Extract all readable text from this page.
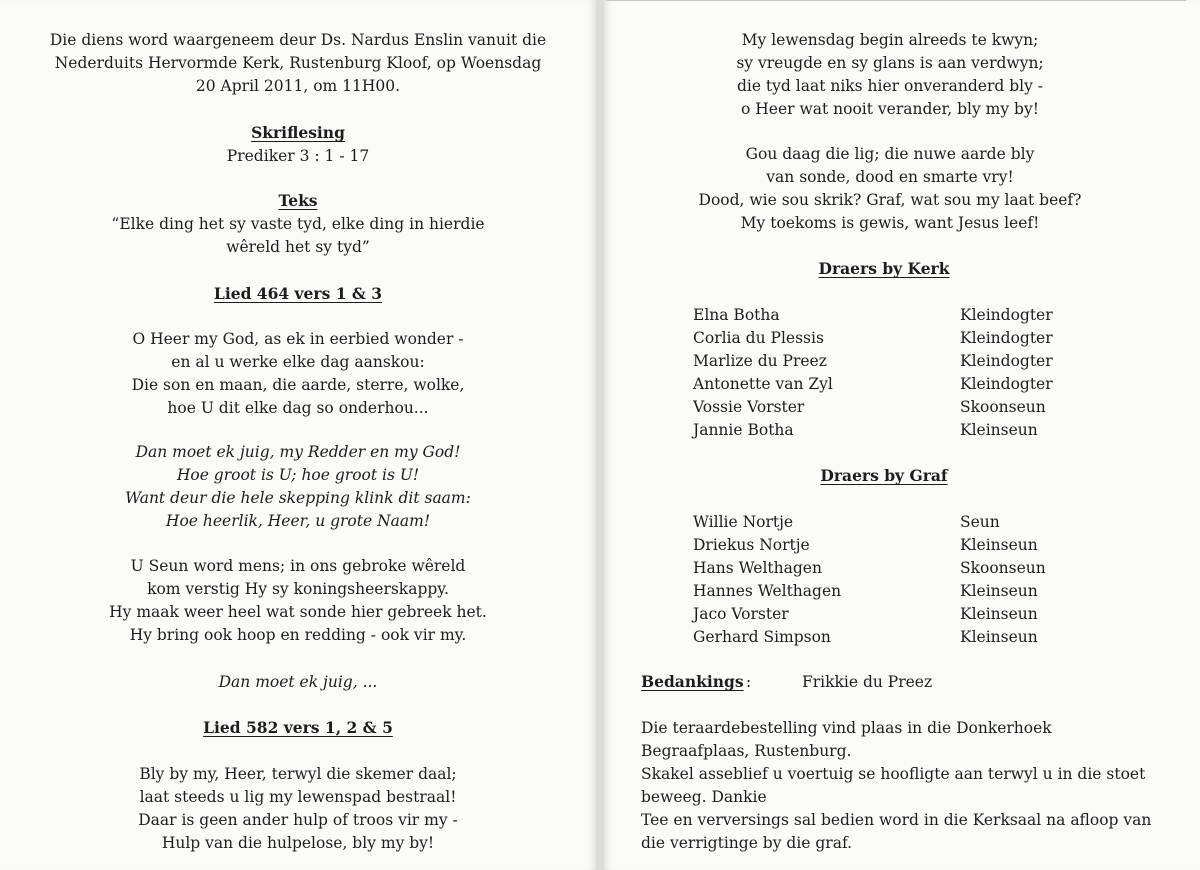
Die diens word waargeneem deur Ds. Nardus Enslin vanuit die
Nederduits Hervormde Kerk, Rustenburg Kloof, op Woensdag
20 April 2011, om 11H00.
Skriflesing
Prediker 3 : 1 - 17
Teks
“Elke ding het sy vaste tyd, elke ding in hierdie
wêreld het sy tyd”
Lied 464 vers 1 & 3
O Heer my God, as ek in eerbied wonder -
en al u werke elke dag aanskou:
Die son en maan, die aarde, sterre, wolke,
hoe U dit elke dag so onderhou...
Dan moet ek juig, my Redder en my God!
Hoe groot is U; hoe groot is U!
Want deur die hele skepping klink dit saam:
Hoe heerlik, Heer, u grote Naam!
U Seun word mens; in ons gebroke wêreld
kom verstig Hy sy koningsheerskappy.
Hy maak weer heel wat sonde hier gebreek het.
Hy bring ook hoop en redding - ook vir my.
Dan moet ek juig, ...
Lied 582 vers 1, 2 & 5
Bly by my, Heer, terwyl die skemer daal;
laat steeds u lig my lewenspad bestraal!
Daar is geen ander hulp of troos vir my -
Hulp van die hulpelose, bly my by!
My lewensdag begin alreeds te kwyn;
sy vreugde en sy glans is aan verdwyn;
die tyd laat niks hier onveranderd bly -
o Heer wat nooit verander, bly my by!
Gou daag die lig; die nuwe aarde bly
van sonde, dood en smarte vry!
Dood, wie sou skrik? Graf, wat sou my laat beef?
My toekoms is gewis, want Jesus leef!
Draers by Kerk
Elna Botha	Kleindogter
Corlia du Plessis	Kleindogter
Marlize du Preez	Kleindogter
Antonette van Zyl	Kleindogter
Vossie Vorster	Skoonseun
Jannie Botha	Kleinseun
Draers by Graf
Willie Nortje	Seun
Driekus Nortje	Kleinseun
Hans Welthagen	Skoonseun
Hannes Welthagen	Kleinseun
Jaco Vorster	Kleinseun
Gerhard Simpson	Kleinseun
Bedankings :	Frikkie du Preez
Die teraardebestelling vind plaas in die Donkerhoek
Begraafplaas, Rustenburg.
Skakel asseblief u voertuig se hoofligte aan terwyl u in die stoet
beweeg. Dankie
Tee en verversings sal bedien word in die Kerksaal na afloop van
die verrigtinge by die graf.
